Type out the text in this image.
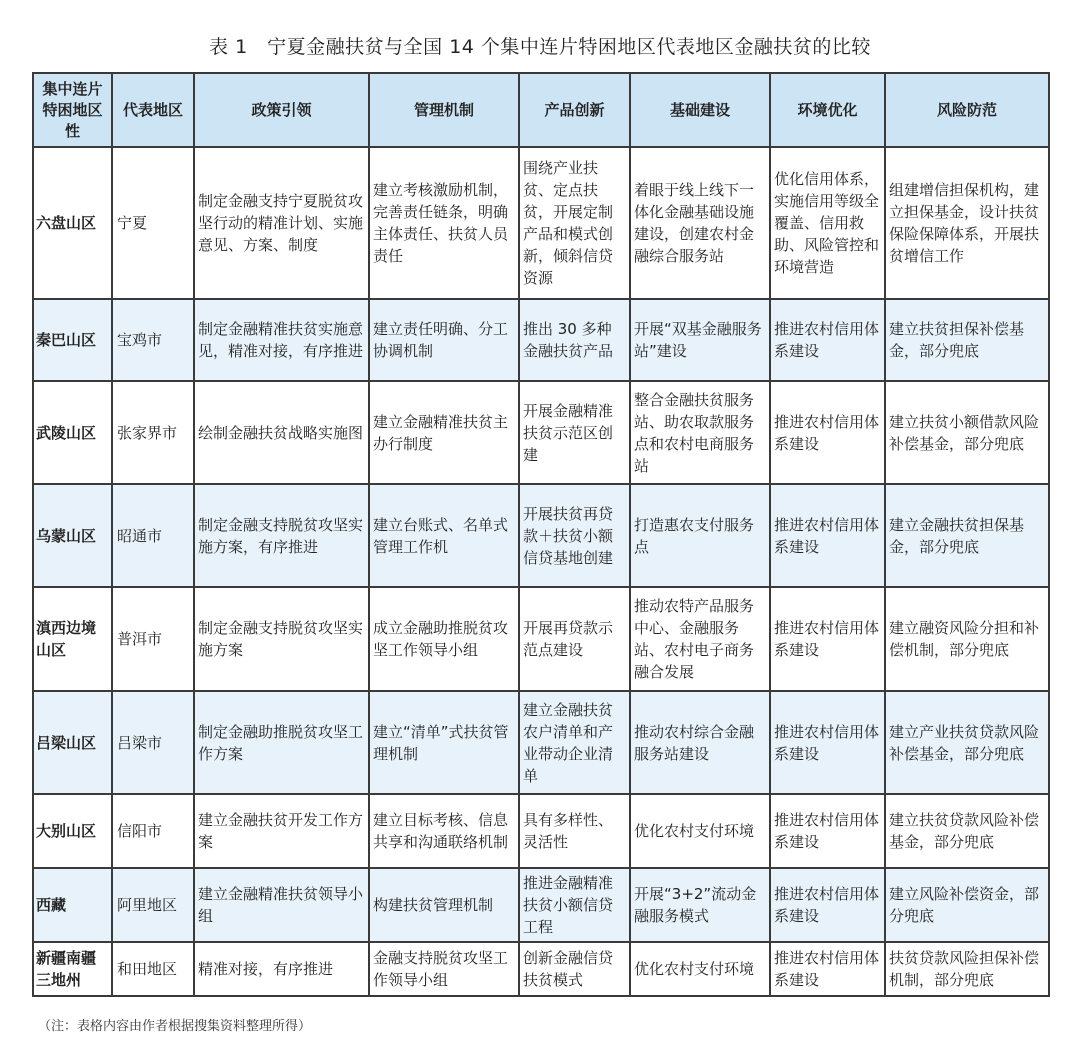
表 1　宁夏金融扶贫与全国 14 个集中连片特困地区代表地区金融扶贫的比较
集中连片特困地区性	代表地区	政策引领	管理机制	产品创新	基础建设	环境优化	风险防范
六盘山区	宁夏	制定金融支持宁夏脱贫攻坚行动的精准计划、实施意见、方案、制度	建立考核激励机制，完善责任链条，明确主体责任、扶贫人员责任	围绕产业扶贫、定点扶贫，开展定制产品和模式创新，倾斜信贷资源	着眼于线上线下一体化金融基础设施建设，创建农村金融综合服务站	优化信用体系，实施信用等级全覆盖、信用救助、风险管控和环境营造	组建增信担保机构，建立担保基金，设计扶贫保险保障体系，开展扶贫增信工作
秦巴山区	宝鸡市	制定金融精准扶贫实施意见，精准对接，有序推进	建立责任明确、分工协调机制	推出 30 多种金融扶贫产品	开展“双基金融服务站”建设	推进农村信用体系建设	建立扶贫担保补偿基金，部分兜底
武陵山区	张家界市	绘制金融扶贫战略实施图	建立金融精准扶贫主办行制度	开展金融精准扶贫示范区创建	整合金融扶贫服务站、助农取款服务点和农村电商服务站	推进农村信用体系建设	建立扶贫小额借款风险补偿基金，部分兜底
乌蒙山区	昭通市	制定金融支持脱贫攻坚实施方案，有序推进	建立台账式、名单式管理工作机	开展扶贫再贷款＋扶贫小额信贷基地创建	打造惠农支付服务点	推进农村信用体系建设	建立金融扶贫担保基金，部分兜底
滇西边境山区	普洱市	制定金融支持脱贫攻坚实施方案	成立金融助推脱贫攻坚工作领导小组	开展再贷款示范点建设	推动农特产品服务中心、金融服务站、农村电子商务融合发展	推进农村信用体系建设	建立融资风险分担和补偿机制，部分兜底
吕梁山区	吕梁市	制定金融助推脱贫攻坚工作方案	建立“清单”式扶贫管理机制	建立金融扶贫农户清单和产业带动企业清单	推动农村综合金融服务站建设	推进农村信用体系建设	建立产业扶贫贷款风险补偿基金，部分兜底
大别山区	信阳市	建立金融扶贫开发工作方案	建立目标考核、信息共享和沟通联络机制	具有多样性、灵活性	优化农村支付环境	推进农村信用体系建设	建立扶贫贷款风险补偿基金，部分兜底
西藏	阿里地区	建立金融精准扶贫领导小组	构建扶贫管理机制	推进金融精准扶贫小额信贷工程	开展“3+2”流动金融服务模式	推进农村信用体系建设	建立风险补偿资金，部分兜底
新疆南疆三地州	和田地区	精准对接，有序推进	金融支持脱贫攻坚工作领导小组	创新金融信贷扶贫模式	优化农村支付环境	推进农村信用体系建设	扶贫贷款风险担保补偿机制，部分兜底
（注：表格内容由作者根据搜集资料整理所得）
